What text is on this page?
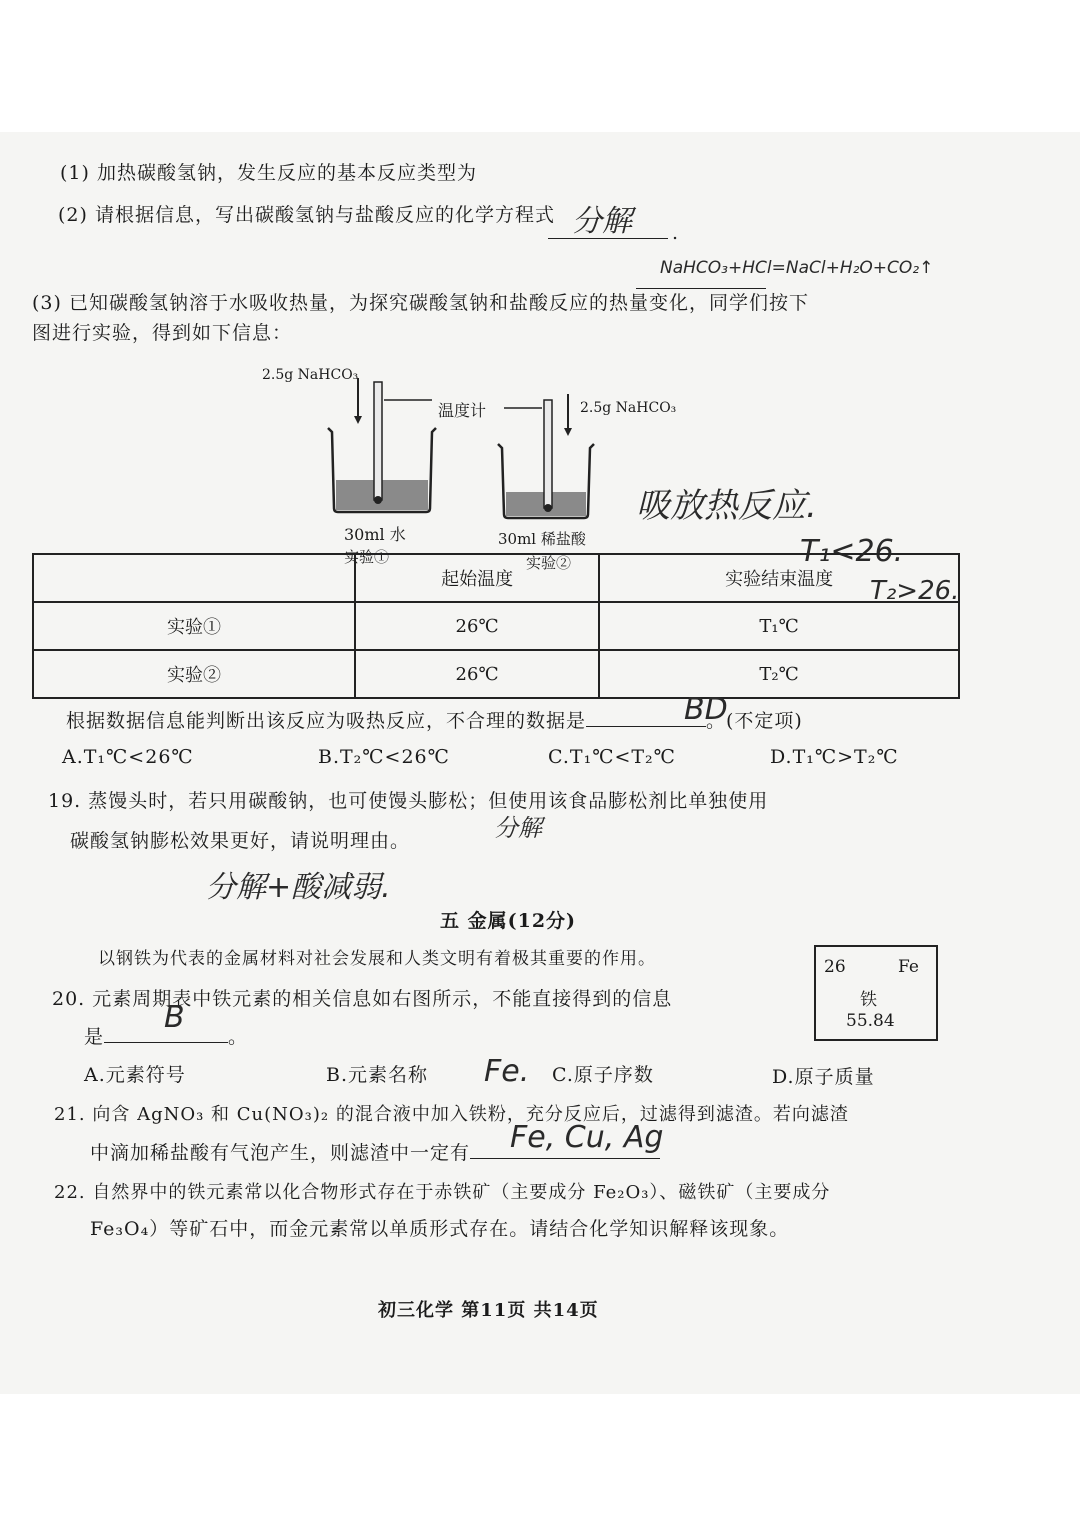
(1) 加热碳酸氢钠，发生反应的基本反应类型为
(2) 请根据信息，写出碳酸氢钠与盐酸反应的化学方程式 分解 .
NaHCO₃+HCl=NaCl+H₂O+CO₂↑
(3) 已知碳酸氢钠溶于水吸收热量，为探究碳酸氢钠和盐酸反应的热量变化，同学们按下
图进行实验，得到如下信息：
2.5g NaHCO₃
2.5g NaHCO₃
温度计
30ml 水
实验①
30ml 稀盐酸
实验②
吸放热反应.
T₁<26.
T₂>26.
	起始温度	实验结束温度
实验①	26℃	T₁℃
实验②	26℃	T₂℃
根据数据信息能判断出该反应为吸热反应，不合理的数据是	。(不定项)
BD
A.T₁℃<26℃	B.T₂℃<26℃	C.T₁℃<T₂℃	D.T₁℃>T₂℃
19. 蒸馒头时，若只用碳酸钠，也可使馒头膨松；但使用该食品膨松剂比单独使用
碳酸氢钠膨松效果更好，请说明理由。	分解
分解+酸减弱.
五 金属(12分)
以钢铁为代表的金属材料对社会发展和人类文明有着极其重要的作用。
20. 元素周期表中铁元素的相关信息如右图所示，不能直接得到的信息
是	。
B
A.元素符号	B.元素名称	C.原子序数	D.原子质量
Fe.
26	Fe
铁
55.84
21. 向含 AgNO₃ 和 Cu(NO₃)₂ 的混合液中加入铁粉，充分反应后，过滤得到滤渣。若向滤渣
中滴加稀盐酸有气泡产生，则滤渣中一定有	Fe, Cu, Ag
22. 自然界中的铁元素常以化合物形式存在于赤铁矿（主要成分 Fe₂O₃）、磁铁矿（主要成分
Fe₃O₄）等矿石中，而金元素常以单质形式存在。请结合化学知识解释该现象。
初三化学 第11页 共14页
